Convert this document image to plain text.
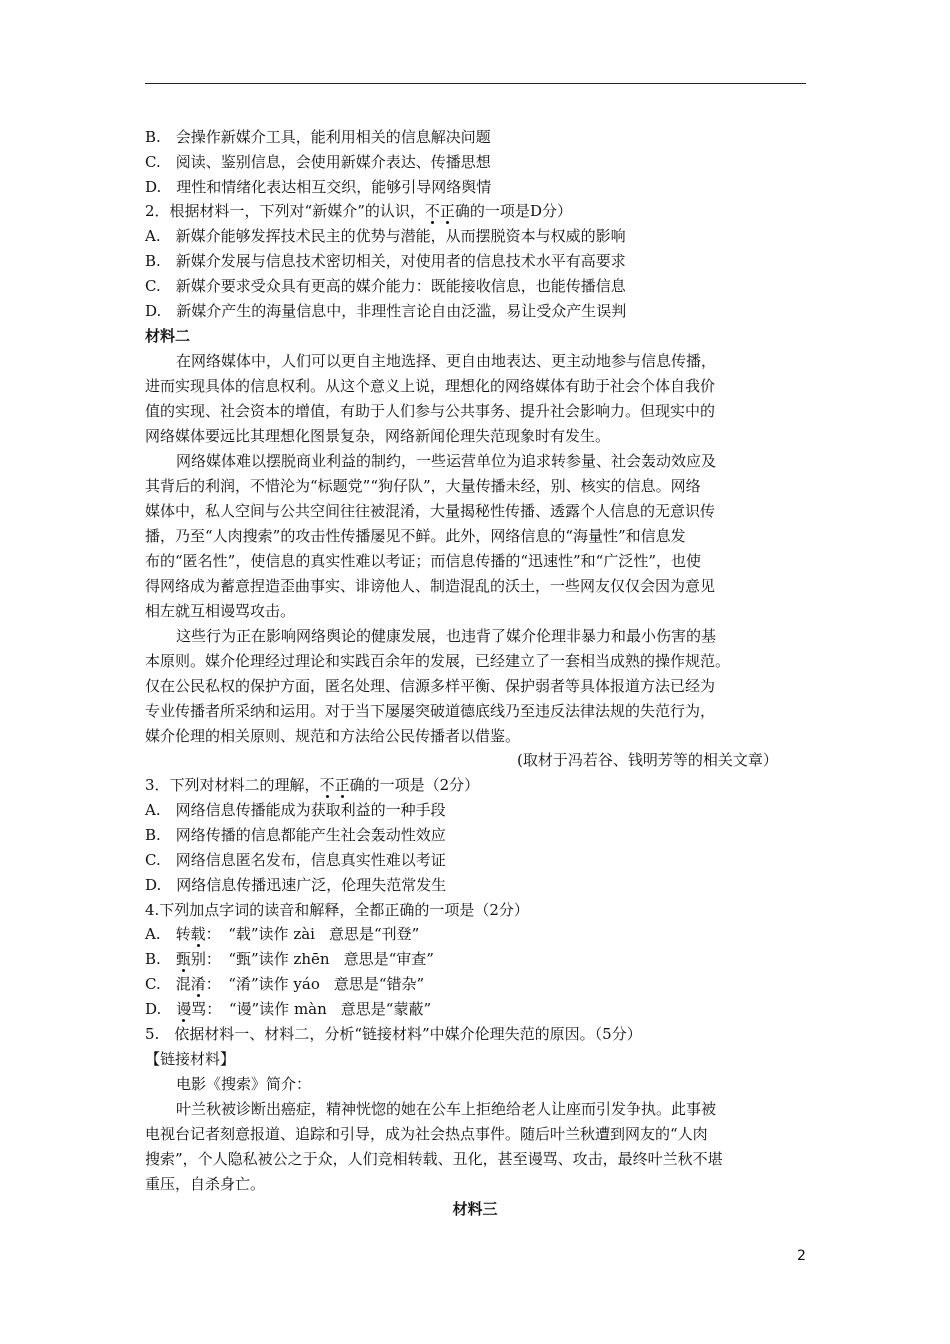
B.　会操作新媒介工具，能利用相关的信息解决问题
C.　阅读、鉴别信息，会使用新媒介表达、传播思想
D.　理性和情绪化表达相互交织，能够引导网络舆情
2．根据材料一，下列对“新媒介”的认识，不正确的一项是D分）
A.　新媒介能够发挥技术民主的优势与潜能，从而摆脱资本与权威的影响
B.　新媒介发展与信息技术密切相关，对使用者的信息技术水平有高要求
C.　新媒介要求受众具有更高的媒介能力：既能接收信息，也能传播信息
D.　新媒介产生的海量信息中，非理性言论自由泛滥，易让受众产生误判
材料二
在网络媒体中，人们可以更自主地选择、更自由地表达、更主动地参与信息传播，
进而实现具体的信息权利。从这个意义上说，理想化的网络媒体有助于社会个体自我价
值的实现、社会资本的增值，有助于人们参与公共事务、提升社会影响力。但现实中的
网络媒体要远比其理想化图景复杂，网络新闻伦理失范现象时有发生。
网络媒体难以摆脱商业利益的制约，一些运营单位为追求转参量、社会轰动效应及
其背后的利润，不惜沦为“标题党”“狗仔队”，大量传播未经，别、核实的信息。网络
媒体中，私人空间与公共空间往往被混淆，大量揭秘性传播、透露个人信息的无意识传
播，乃至“人肉搜索”的攻击性传播屡见不鲜。此外，网络信息的“海量性”和信息发
布的“匿名性”，使信息的真实性难以考证；而信息传播的“迅速性”和“广泛性”，也使
得网络成为蓄意捏造歪曲事实、诽谤他人、制造混乱的沃土，一些网友仅仅会因为意见
相左就互相谩骂攻击。
这些行为正在影响网络舆论的健康发展，也违背了媒介伦理非暴力和最小伤害的基
本原则。媒介伦理经过理论和实践百余年的发展，已经建立了一套相当成熟的操作规范。
仅在公民私权的保护方面，匿名处理、信源多样平衡、保护弱者等具体报道方法已经为
专业传播者所采纳和运用。对于当下屡屡突破道德底线乃至违反法律法规的失范行为，
媒介伦理的相关原则、规范和方法给公民传播者以借鉴。
(取材于冯若谷、钱明芳等的相关文章）
3．下列对材料二的理解，不正确的一项是（2分）
A.　网络信息传播能成为获取利益的一种手段
B.　网络传播的信息都能产生社会轰动性效应
C.　网络信息匿名发布，信息真实性难以考证
D.　网络信息传播迅速广泛，伦理失范常发生
4.下列加点字词的读音和解释，全都正确的一项是（2分）
A.　 转载：　 “载”读作 zài 意思是“刊登”
B.　 甄别：　 “甄”读作 zhēn 意思是“审查”
C.　 混淆：　 “淆”读作 yáo 意思是“错杂”
D.　 谩骂：　 “谩”读作 màn 意思是“蒙蔽”
5.　依据材料一、材料二，分析“链接材料”中媒介伦理失范的原因。（5分）
【链接材料】
电影《搜索》简介：
叶兰秋被诊断出癌症，精神恍惚的她在公车上拒绝给老人让座而引发争执。此事被
电视台记者刻意报道、追踪和引导，成为社会热点事件。随后叶兰秋遭到网友的“人肉
搜索”，个人隐私被公之于众，人们竞相转载、丑化，甚至谩骂、攻击，最终叶兰秋不堪
重压，自杀身亡。
材料三
2
